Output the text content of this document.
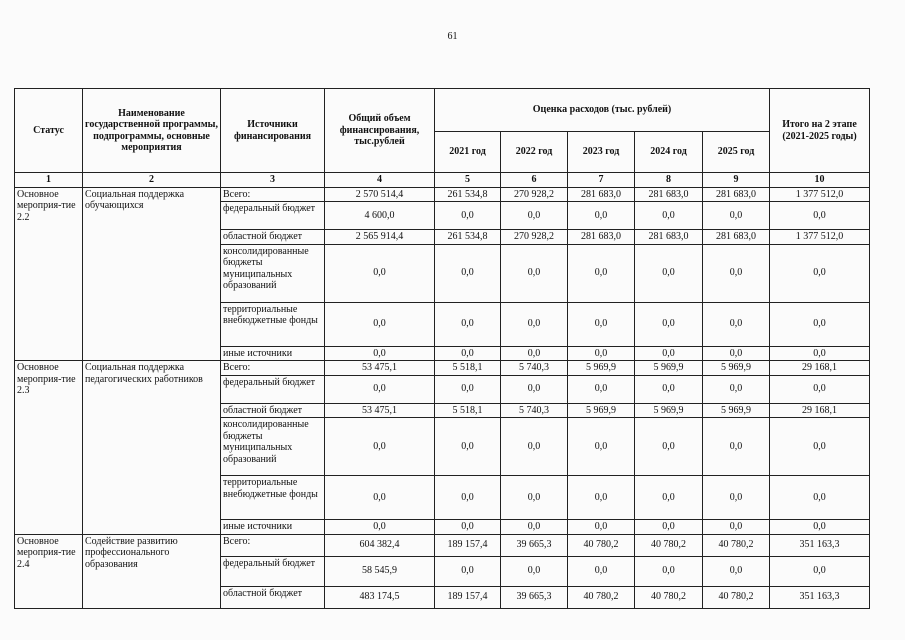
61
Статус	Наименование государственной программы, подпрограммы, основные мероприятия	Источники финансирования	Общий объем финансирования, тыс.рублей	Оценка расходов (тыс. рублей)					Итого на 2 этапе (2021-2025 годы)
				2021 год	2022 год	2023 год	2024 год	2025 год	
1	2	3	4	5	6	7	8	9	10
Основное мероприя-тие 2.2	Социальная поддержка обучающихся	Всего:	2 570 514,4	261 534,8	270 928,2	281 683,0	281 683,0	281 683,0	1 377 512,0
		федеральный бюджет	4 600,0	0,0	0,0	0,0	0,0	0,0	0,0
		областной бюджет	2 565 914,4	261 534,8	270 928,2	281 683,0	281 683,0	281 683,0	1 377 512,0
		консолидированные бюджеты муниципальных образований	0,0	0,0	0,0	0,0	0,0	0,0	0,0
		территориальные внебюджетные фонды	0,0	0,0	0,0	0,0	0,0	0,0	0,0
		иные источники	0,0	0,0	0,0	0,0	0,0	0,0	0,0
Основное мероприя-тие 2.3	Социальная поддержка педагогических работников	Всего:	53 475,1	5 518,1	5 740,3	5 969,9	5 969,9	5 969,9	29 168,1
		федеральный бюджет	0,0	0,0	0,0	0,0	0,0	0,0	0,0
		областной бюджет	53 475,1	5 518,1	5 740,3	5 969,9	5 969,9	5 969,9	29 168,1
		консолидированные бюджеты муниципальных образований	0,0	0,0	0,0	0,0	0,0	0,0	0,0
		территориальные внебюджетные фонды	0,0	0,0	0,0	0,0	0,0	0,0	0,0
		иные источники	0,0	0,0	0,0	0,0	0,0	0,0	0,0
Основное мероприя-тие 2.4	Содействие развитию профессионального образования	Всего:	604 382,4	189 157,4	39 665,3	40 780,2	40 780,2	40 780,2	351 163,3
		федеральный бюджет	58 545,9	0,0	0,0	0,0	0,0	0,0	0,0
		областной бюджет	483 174,5	189 157,4	39 665,3	40 780,2	40 780,2	40 780,2	351 163,3
